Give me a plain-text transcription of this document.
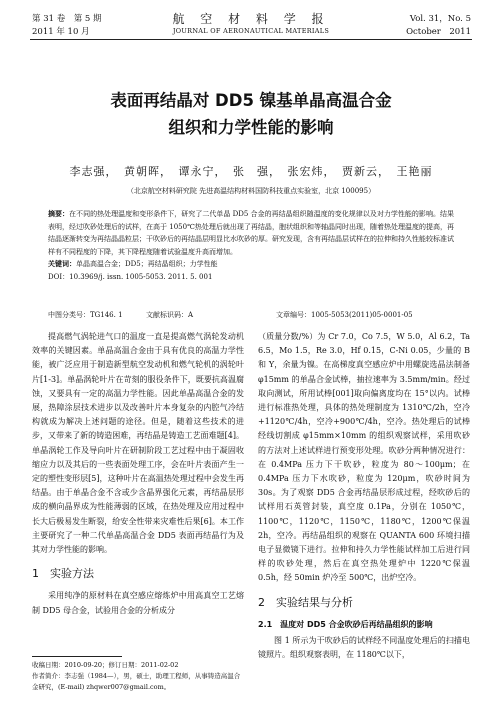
第 31 卷　第 5 期
2011 年 10 月
航 空 材 料 学 报
JOURNAL OF AERONAUTICAL MATERIALS
Vol. 31，No. 5
October　2011
表面再结晶对 DD5 镍基单晶高温合金
组织和力学性能的影响
李志强，　黄朝晖，　谭永宁，　张　强，　张宏炜，　贾新云，　王艳丽
（北京航空材料研究院 先进高温结构材料国防科技重点实验室，北京 100095）
摘要：在不同的热处理温度和变形条件下，研究了二代单晶 DD5 合金的再结晶组织随温度的变化规律以及对力学性能的影响。结果表明，经过吹砂处理后的试样，在高于 1050℃热处理后就出现了再结晶，胞状组织和等轴晶同时出现，随着热处理温度的提高，再结晶逐渐转变为再结晶晶粒层；干吹砂后的再结晶层明显比水吹砂的厚。研究发现，含有再结晶层试样在的拉伸和持久性能较标准试样有不同程度的下降，其下降程度随着试验温度升高而增加。
关键词：单晶高温合金；DD5；再结晶组织；力学性能
DOI：10.3969/j. issn. 1005-5053. 2011. 5. 001
中图分类号：TG146. 1	文献标识码：A	文章编号：1005-5053(2011)05-0001-05

提高燃气涡轮进气口的温度一直是提高燃气涡轮发动机效率的关键因素。单晶高温合金由于具有优良的高温力学性能，被广泛应用于制造新型航空发动机和燃气轮机的涡轮叶片[1-3]。单晶涡轮叶片在苛刻的服役条件下，既要抗高温腐蚀，又要具有一定的高温力学性能。因此单晶高温合金的发展，热障涂层技术进步以及改善叶片本身复杂的内腔气冷结构就成为解决上述问题的途径。但是，随着这些技术的进步，又带来了新的铸造困难，再结晶是铸造工艺面难题[4]。单晶涡轮工作及导向叶片在研制阶段工艺过程中由于凝固收缩应力以及其后的一些表面处理工序，会在叶片表面产生一定的塑性变形层[5]，这种叶片在高温热处理过程中会发生再结晶。由于单晶合金不含或少含晶界强化元素，再结晶层形成的横向晶界成为性能薄弱的区域，在热处理及应用过程中长大后极易发生断裂，给安全性带来灾难性后果[6]。本工作主要研究了一种二代单晶高温合金 DD5 表面再结晶行为及其对力学性能的影响。

1　实验方法

采用纯净的原材料在真空感应熔炼炉中用高真空工艺熔制 DD5 母合金，试验用合金的分析成分

（质量分数/%）为 Cr 7.0，Co 7.5，W 5.0，Al 6.2，Ta 6.5，Mo 1.5，Re 3.0，Hf 0.15，C-Ni 0.05，少量的 B 和 Y，余量为镍。在高梯度真空感应炉中用螺旋选晶法制备 φ15mm 的单晶合金试棒，抽拉速率为 3.5mm/min。经过取向测试，所用试棒[001]取向偏离度均在 15°以内。试棒进行标准热处理，具体的热处理制度为 1310℃/2h，空冷+1120℃/4h，空冷+900℃/4h，空冷。热处理后的试棒经线切割成 φ15mm×10mm 的组织观察试样，采用吹砂的方法对上述试样进行预变形处理。吹砂分两种情况进行：在 0.4MPa 压力下干吹砂，粒度为 80～100μm；在 0.4MPa 压力下水吹砂，粒度为 120μm，吹砂时间为 30s。为了观察 DD5 合金再结晶层形成过程，经吹砂后的试样用石英管封装，真空度 0.1Pa，分别在 1050℃，1100℃，1120℃，1150℃，1180℃，1200℃保温 2h，空冷。再结晶组织的观察在 QUANTA 600 环境扫描电子显微镜下进行。拉伸和持久力学性能试样加工后进行同样的吹砂处理，然后在真空热处理炉中 1220℃保温 0.5h，经 50min 炉冷至 500℃，出炉空冷。

2　实验结果与分析
2.1　温度对 DD5 合金吹砂后再结晶组织的影响

图 1 所示为干吹砂后的试样经不同温度处理后的扫描电镜照片。组织观察表明，在 1180℃以下，

收稿日期：2010-09-20；修订日期：2011-02-02
作者简介：李志强（1984—），男，硕士，助理工程师，从事铸造高温合金研究，(E-mail) zhqwer007@gmail.com。
